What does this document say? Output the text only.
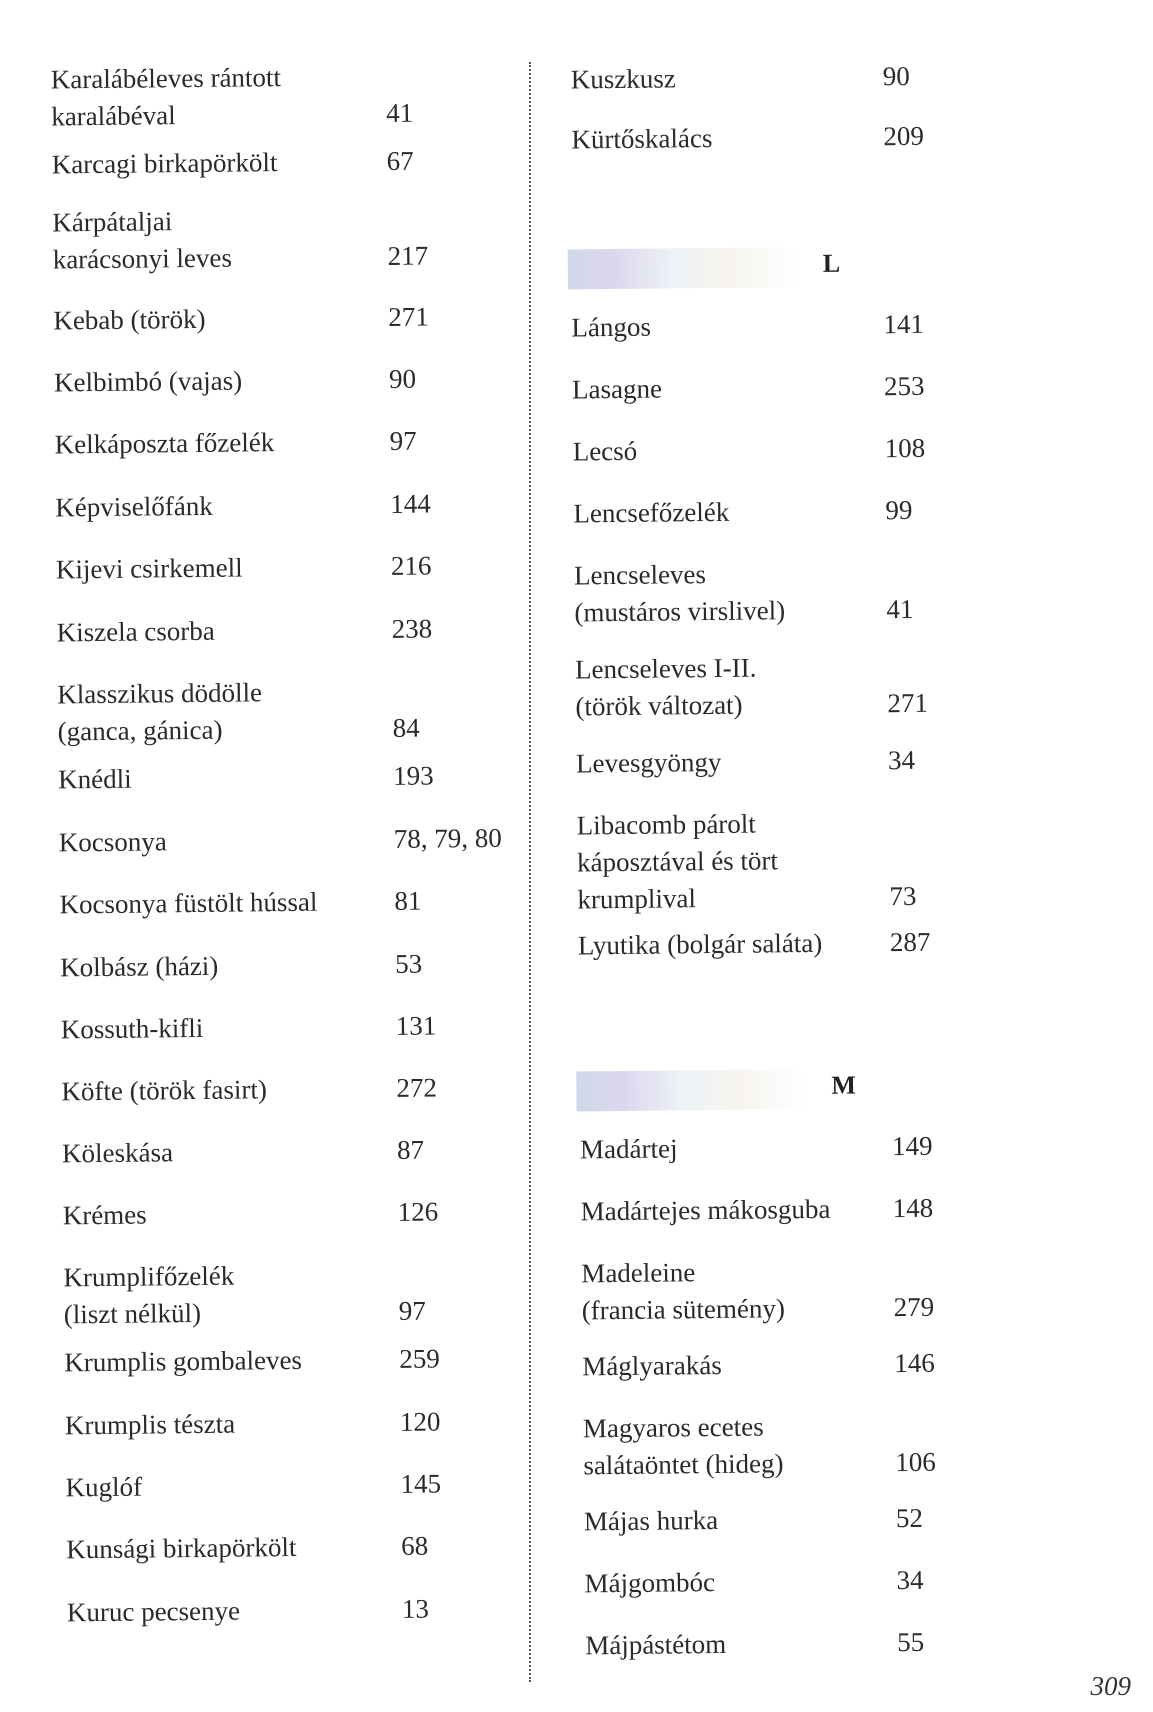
Karalábéleves rántott
karalábéval	41
Karcagi birkapörkölt	67
Kárpátaljai
karácsonyi leves	217
Kebab (török)	271
Kelbimbó (vajas)	90
Kelkáposzta főzelék	97
Képviselőfánk	144
Kijevi csirkemell	216
Kiszela csorba	238
Klasszikus dödölle
(ganca, gánica)	84
Knédli	193
Kocsonya	78, 79, 80
Kocsonya füstölt hússal	81
Kolbász (házi)	53
Kossuth-kifli	131
Köfte (török fasirt)	272
Köleskása	87
Krémes	126
Krumplifőzelék
(liszt nélkül)	97
Krumplis gombaleves	259
Krumplis tészta	120
Kuglóf	145
Kunsági birkapörkölt	68
Kuruc pecsenye	13
Kuszkusz	90
Kürtőskalács	209
L
Lángos	141
Lasagne	253
Lecsó	108
Lencsefőzelék	99
Lencseleves
(mustáros virslivel)	41
Lencseleves I-II.
(török változat)	271
Levesgyöngy	34
Libacomb párolt
káposztával és tört
krumplival	73
Lyutika (bolgár saláta) 287
M
Madártej	149
Madártejes mákosguba 148
Madeleine
(francia sütemény)	279
Máglyarakás	146
Magyaros ecetes
salátaöntet (hideg)	106
Májas hurka	52
Májgombóc	34
Májpástétom	55
309
